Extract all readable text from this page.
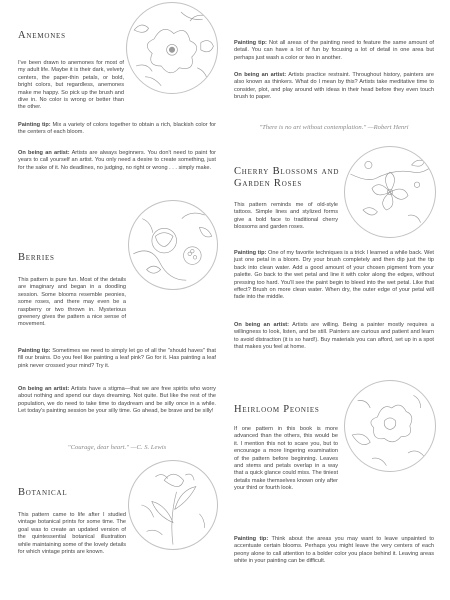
Anemones

I've been drawn to anemones for most of my adult life. Maybe it is their dark, velvety centers, the paper-thin petals, or bold, bright colors, but regardless, anemones make me happy. So pick up the brush and dive in. No color is wrong or better than the other.

Painting tip: Mix a variety of colors together to obtain a rich, blackish color for the centers of each bloom.

On being an artist: Artists are always beginners. You don't need to paint for years to call yourself an artist. You only need a desire to create something, just for the sake of it. No deadlines, no judging, no right or wrong . . . simply make.

Berries

This pattern is pure fun. Most of the details are imaginary and began in a doodling session. Some blooms resemble peonies, some roses, and there may even be a raspberry or two thrown in. Mysterious greenery gives the pattern a nice sense of movement.

Painting tip: Sometimes we need to simply let go of all the "should haves" that fill our brains. Do you feel like painting a leaf pink? Go for it. Has painting a leaf pink never crossed your mind? Try it.

On being an artist: Artists have a stigma—that we are free spirits who worry about nothing and spend our days dreaming. Not quite. But like the rest of the population, we do need to take time to daydream and be silly once in a while. Let today's painting session be your silly time. Go ahead, be brave and be silly!

"Courage, dear heart." —C. S. Lewis
Botanical

This pattern came to life after I studied vintage botanical prints for some time. The goal was to create an updated version of the quintessential botanical illustration while maintaining some of the lovely details for which vintage prints are known.

Painting tip: Not all areas of the painting need to feature the same amount of detail. You can have a lot of fun by focusing a lot of detail in one area but perhaps just wash a color or two in another.

On being an artist: Artists practice restraint. Throughout history, painters are also known as thinkers. What do I mean by this? Artists take meditative time to consider, plot, and play around with ideas in their head before they even touch brush to paper.

"There is no art without contemplation." —Robert Henri
Cherry Blossoms and
Garden Roses

This pattern reminds me of old-style tattoos. Simple lines and stylized forms give a bold face to traditional cherry blossoms and garden roses.

Painting tip: One of my favorite techniques is a trick I learned a while back. Wet just one petal in a bloom. Dry your brush completely and then dip just the tip back into clean water. Add a good amount of your chosen pigment from your palette. Go back to the wet petal and line it with color along the edges, without pressing too hard. You'll see the paint begin to bleed into the wet petal. Like that effect? Brush on more clean water. When dry, the outer edge of your petal will fade into the middle.

On being an artist: Artists are willing. Being a painter mostly requires a willingness to look, listen, and be still. Painters are curious and patient and learn to avoid distraction (it is so hard!). Buy materials you can afford, set up in a spot that makes you feel at home.

Heirloom Peonies

If one pattern in this book is more advanced than the others, this would be it. I mention this not to scare you, but to encourage a more lingering examination of the pattern before beginning. Leaves and stems and petals overlap in a way that a quick glance could miss. The tiniest details make themselves known only after your third or fourth look.

Painting tip: Think about the areas you may want to leave unpainted to accentuate certain blooms. Perhaps you might leave the very centers of each peony alone to call attention to a bolder color you place behind it. Leaving areas white in your painting can be difficult.
